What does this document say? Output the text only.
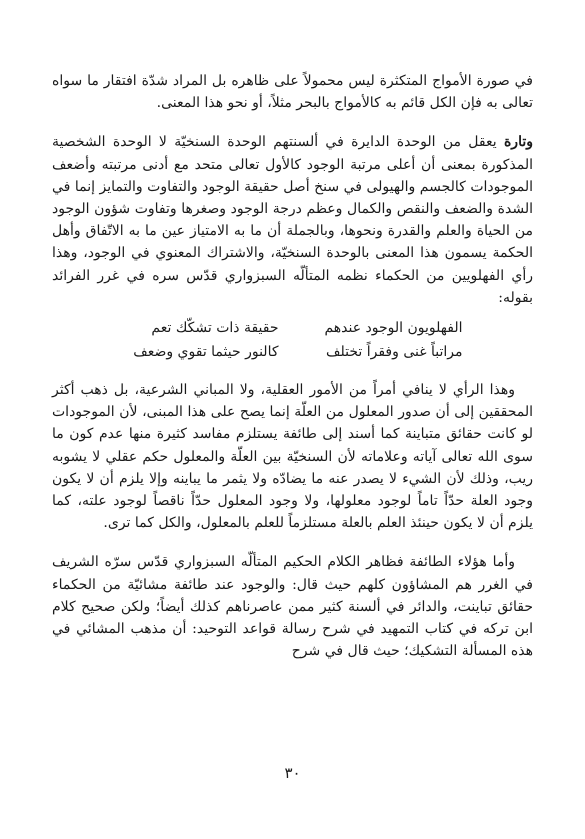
في صورة الأمواج المتكثرة ليس محمولاً على ظاهره بل المراد شدّة افتقار ما سواه تعالى به فإن الكل قائم به كالأمواج بالبحر مثلاً، أو نحو هذا المعنى.

وتارة يعقل من الوحدة الدايرة في ألسنتهم الوحدة السنخيّة لا الوحدة الشخصية المذكورة بمعنى أن أعلى مرتبة الوجود كالأول تعالى متحد مع أدنى مرتبته وأضعف الموجودات كالجسم والهيولى في سنخ أصل حقيقة الوجود والتفاوت والتمايز إنما في الشدة والضعف والنقص والكمال وعظم درجة الوجود وصغرها وتفاوت شؤون الوجود من الحياة والعلم والقدرة ونحوها، وبالجملة أن ما به الامتياز عين ما به الاتّفاق وأهل الحكمة يسمون هذا المعنى بالوحدة السنخيّة، والاشتراك المعنوي في الوجود، وهذا رأي الفهلويين من الحكماء نظمه المتألّه السبزواري قدّس سره في غرر الفرائد بقوله:

الفهلويون الوجود عندهم
حقيقة ذات تشكّك تعم
مراتباً غنى وفقراً تختلف
كالنور حيثما تقوي وضعف

وهذا الرأي لا ينافي أمراً من الأمور العقلية، ولا المباني الشرعية، بل ذهب أكثر المحققين إلى أن صدور المعلول من العلّة إنما يصح على هذا المبنى، لأن الموجودات لو كانت حقائق متباينة كما أسند إلى طائفة يستلزم مفاسد كثيرة منها عدم كون ما سوى الله تعالى آياته وعلاماته لأن السنخيّة بين العلّة والمعلول حكم عقلي لا يشوبه ريب، وذلك لأن الشيء لا يصدر عنه ما يضادّه ولا يثمر ما يباينه وإلا يلزم أن لا يكون وجود العلة حدّاً تاماً لوجود معلولها، ولا وجود المعلول حدّاً ناقصاً لوجود علته، كما يلزم أن لا يكون حينئذ العلم بالعلة مستلزماً للعلم بالمعلول، والكل كما ترى.

وأما هؤلاء الطائفة فظاهر الكلام الحكيم المتألّه السبزواري قدّس سرّه الشريف في الغرر هم المشاؤون كلهم حيث قال: والوجود عند طائفة مشائيّة من الحكماء حقائق تباينت، والدائر في ألسنة كثير ممن عاصرناهم كذلك أيضاً؛ ولكن صحيح كلام ابن تركه في كتاب التمهيد في شرح رسالة قواعد التوحيد: أن مذهب المشائي في هذه المسألة التشكيك؛ حيث قال في شرح

٣٠
